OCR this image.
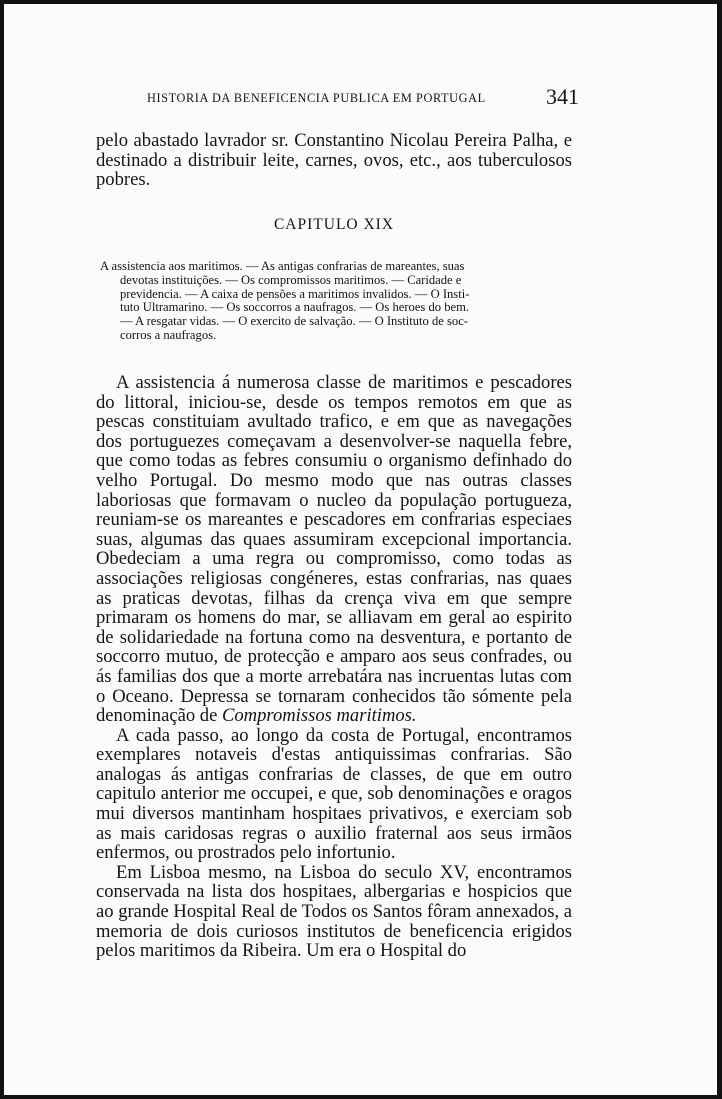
HISTORIA DA BENEFICENCIA PUBLICA EM PORTUGAL	341

pelo abastado lavrador sr. Constantino Nicolau Pereira Palha, e destinado a distribuir leite, carnes, ovos, etc., aos tuberculosos pobres.

CAPITULO XIX
A assistencia aos maritimos. — As antigas confrarias de mareantes, suas
devotas instituições. — Os compromissos maritimos. — Caridade e
previdencia. — A caixa de pensões a maritimos invalidos. — O Insti-
tuto Ultramarino. — Os soccorros a naufragos. — Os heroes do bem.
— A resgatar vidas. — O exercito de salvação. — O Instituto de soc-
corros a naufragos.

A assistencia á numerosa classe de maritimos e pescadores do littoral, iniciou-se, desde os tempos remotos em que as pescas constituiam avultado trafico, e em que as navegações dos portuguezes começavam a desenvolver-se naquella febre, que como todas as febres consumiu o organismo definhado do velho Portugal. Do mesmo modo que nas outras classes laboriosas que formavam o nucleo da população portugueza, reuniam-se os mareantes e pescadores em confrarias especiaes suas, algumas das quaes assumiram excepcional importancia. Obedeciam a uma regra ou compromisso, como todas as associações religiosas congéneres, estas confrarias, nas quaes as praticas devotas, filhas da crença viva em que sempre primaram os homens do mar, se alliavam em geral ao espirito de solidariedade na fortuna como na desventura, e portanto de soccorro mutuo, de protecção e amparo aos seus confrades, ou ás familias dos que a morte arrebatára nas incruentas lutas com o Oceano. Depressa se tornaram conhecidos tão sómente pela denominação de Compromissos maritimos.

A cada passo, ao longo da costa de Portugal, encontramos exemplares notaveis d'estas antiquissimas confrarias. São analogas ás antigas confrarias de classes, de que em outro capitulo anterior me occupei, e que, sob denominações e oragos mui diversos mantinham hospitaes privativos, e exerciam sob as mais caridosas regras o auxilio fraternal aos seus irmãos enfermos, ou prostrados pelo infortunio.

Em Lisboa mesmo, na Lisboa do seculo XV, encontramos conservada na lista dos hospitaes, albergarias e hospicios que ao grande Hospital Real de Todos os Santos fôram annexados, a memoria de dois curiosos institutos de beneficencia erigidos pelos maritimos da Ribeira. Um era o Hospital do
